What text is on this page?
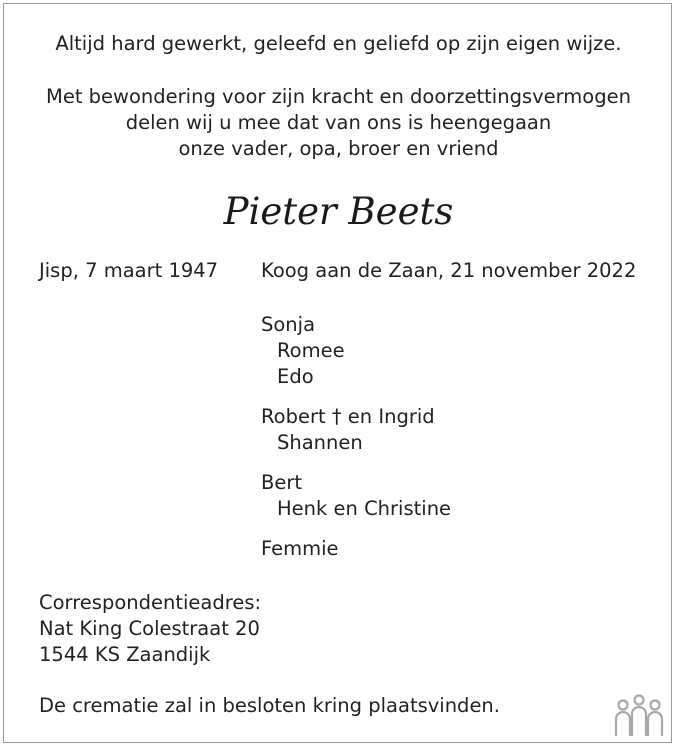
Altijd hard gewerkt, geleefd en geliefd op zijn eigen wijze.
Met bewondering voor zijn kracht en doorzettingsvermogen
delen wij u mee dat van ons is heengegaan
onze vader, opa, broer en vriend
Pieter Beets
Jisp, 7 maart 1947 Koog aan de Zaan, 21 november 2022
Sonja
Romee
Edo
Robert † en Ingrid
Shannen
Bert
Henk en Christine
Femmie
Correspondentieadres:
Nat King Colestraat 20
1544 KS Zaandijk
De crematie zal in besloten kring plaatsvinden.
